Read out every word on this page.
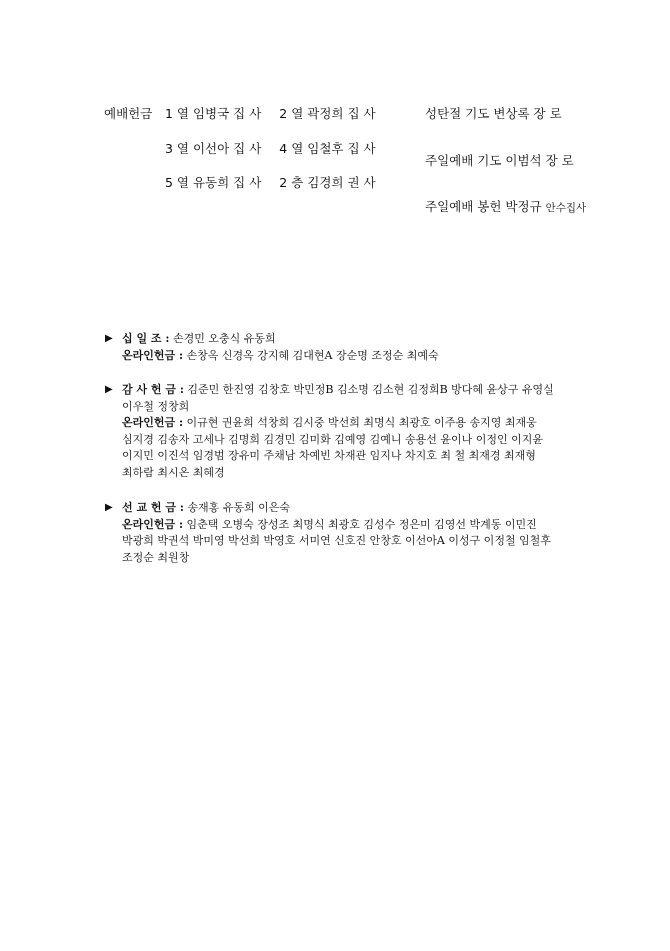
예배헌금 1 열 임병국 집 사 2 열 곽정희 집 사
3 열 이선아 집 사 4 열 임철후 집 사
5 열 유동희 집 사 2 층 김경희 권 사
성탄절 기도 변상록 장 로
주일예배 기도 이범석 장 로
주일예배 봉헌 박정규 안수집사
▶ 십 일 조 : 손경민 오충식 유동희
온라인헌금 : 손창옥 신경옥 강지혜 김대현A 장순명 조정순 최예숙
▶ 감 사 헌 금 : 김준민 한진영 김창호 박민정B 김소명 김소현 김정희B 방다혜 윤상구 유영실
이우철 정창희
온라인헌금 : 이규현 권윤희 석창희 김시중 박선희 최명식 최광호 이주용 송지영 최재웅
심지경 김송자 고세나 김명희 김경민 김미화 김예영 김예니 송용선 윤이나 이정인 이지윤
이지민 이진석 임경범 장유미 주채남 차예빈 차재관 임지나 차지호 최 철 최재경 최재형
최하람 최시온 최혜경
▶ 선 교 헌 금 : 송재홍 유동희 이은숙
온라인헌금 : 임춘택 오병숙 장성조 최명식 최광호 김성수 정은미 김영선 박계동 이민진
박광희 박권석 박미영 박선희 박영호 서미연 신호진 안창호 이선아A 이성구 이정철 임철후
조정순 최원창
